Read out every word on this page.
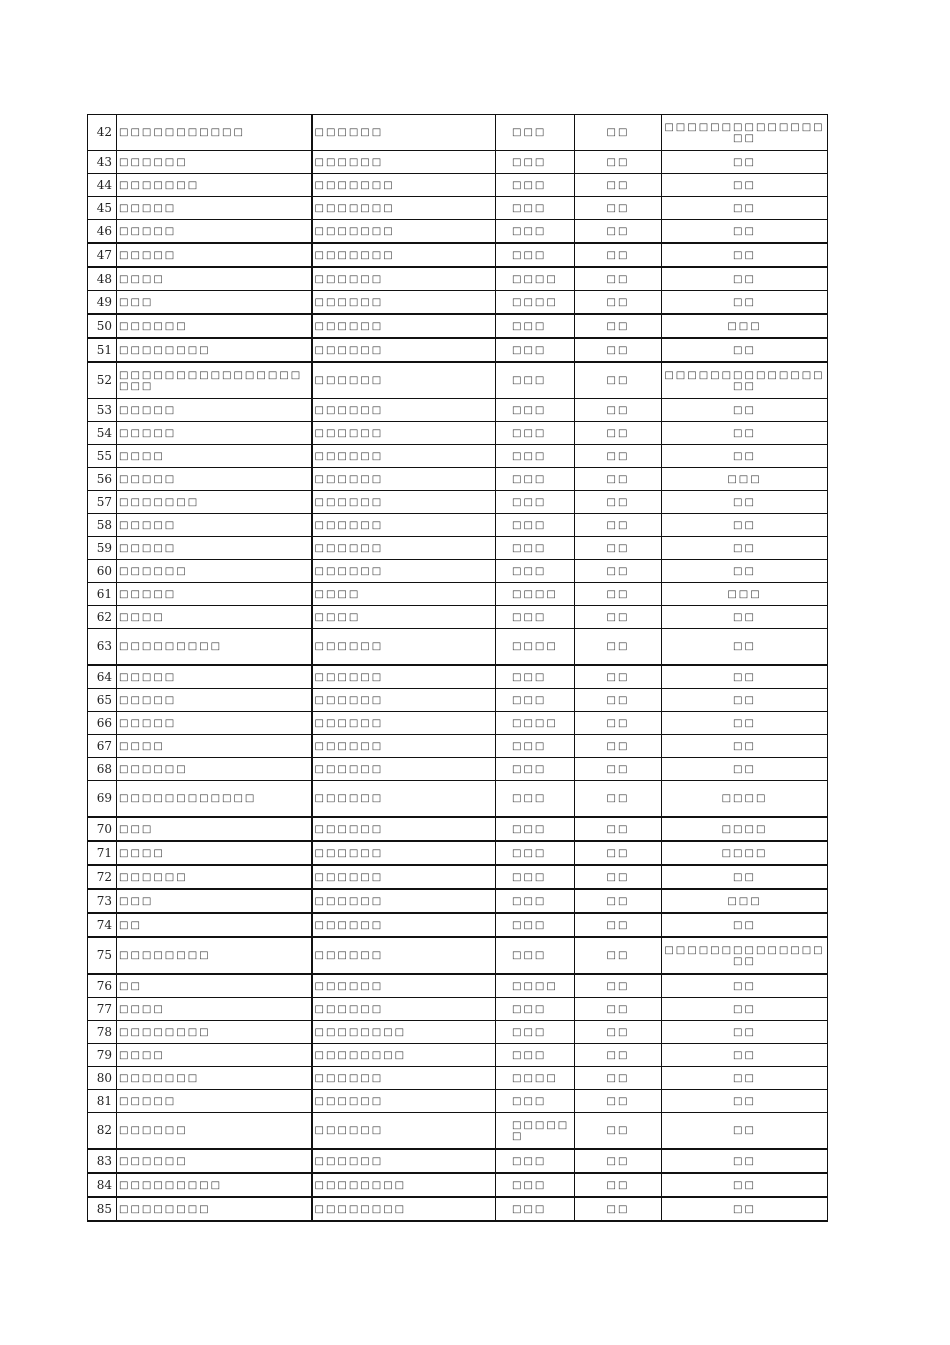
42	□□□□□□□□□□□	□□□□□□	□□□	□□	□□□□□□□□□□□□□□□□

43	□□□□□□	□□□□□□	□□□	□□	□□

44	□□□□□□□	□□□□□□□	□□□	□□	□□

45	□□□□□	□□□□□□□	□□□	□□	□□

46	□□□□□	□□□□□□□	□□□	□□	□□

47	□□□□□	□□□□□□□	□□□	□□	□□

48	□□□□	□□□□□□	□□□□	□□	□□

49	□□□	□□□□□□	□□□□	□□	□□

50	□□□□□□	□□□□□□	□□□	□□	□□□

51	□□□□□□□□	□□□□□□	□□□	□□	□□

52	□□□□□□□□□□□□□□□□□□□	□□□□□□	□□□	□□	□□□□□□□□□□□□□□□□

53	□□□□□	□□□□□□	□□□	□□	□□

54	□□□□□	□□□□□□	□□□	□□	□□

55	□□□□	□□□□□□	□□□	□□	□□

56	□□□□□	□□□□□□	□□□	□□	□□□

57	□□□□□□□	□□□□□□	□□□	□□	□□

58	□□□□□	□□□□□□	□□□	□□	□□

59	□□□□□	□□□□□□	□□□	□□	□□

60	□□□□□□	□□□□□□	□□□	□□	□□

61	□□□□□	□□□□	□□□□	□□	□□□

62	□□□□	□□□□	□□□	□□	□□

63	□□□□□□□□□	□□□□□□	□□□□	□□	□□

64	□□□□□	□□□□□□	□□□	□□	□□

65	□□□□□	□□□□□□	□□□	□□	□□

66	□□□□□	□□□□□□	□□□□	□□	□□

67	□□□□	□□□□□□	□□□	□□	□□

68	□□□□□□	□□□□□□	□□□	□□	□□

69	□□□□□□□□□□□□	□□□□□□	□□□	□□	□□□□

70	□□□	□□□□□□	□□□	□□	□□□□

71	□□□□	□□□□□□	□□□	□□	□□□□

72	□□□□□□	□□□□□□	□□□	□□	□□

73	□□□	□□□□□□	□□□	□□	□□□

74	□□	□□□□□□	□□□	□□	□□

75	□□□□□□□□	□□□□□□	□□□	□□	□□□□□□□□□□□□□□□□

76	□□	□□□□□□	□□□□	□□	□□

77	□□□□	□□□□□□	□□□	□□	□□

78	□□□□□□□□	□□□□□□□□	□□□	□□	□□

79	□□□□	□□□□□□□□	□□□	□□	□□

80	□□□□□□□	□□□□□□	□□□□	□□	□□

81	□□□□□	□□□□□□	□□□	□□	□□

82	□□□□□□	□□□□□□	□□□□□□	□□	□□

83	□□□□□□	□□□□□□	□□□	□□	□□

84	□□□□□□□□□	□□□□□□□□	□□□	□□	□□

85	□□□□□□□□	□□□□□□□□	□□□	□□	□□
